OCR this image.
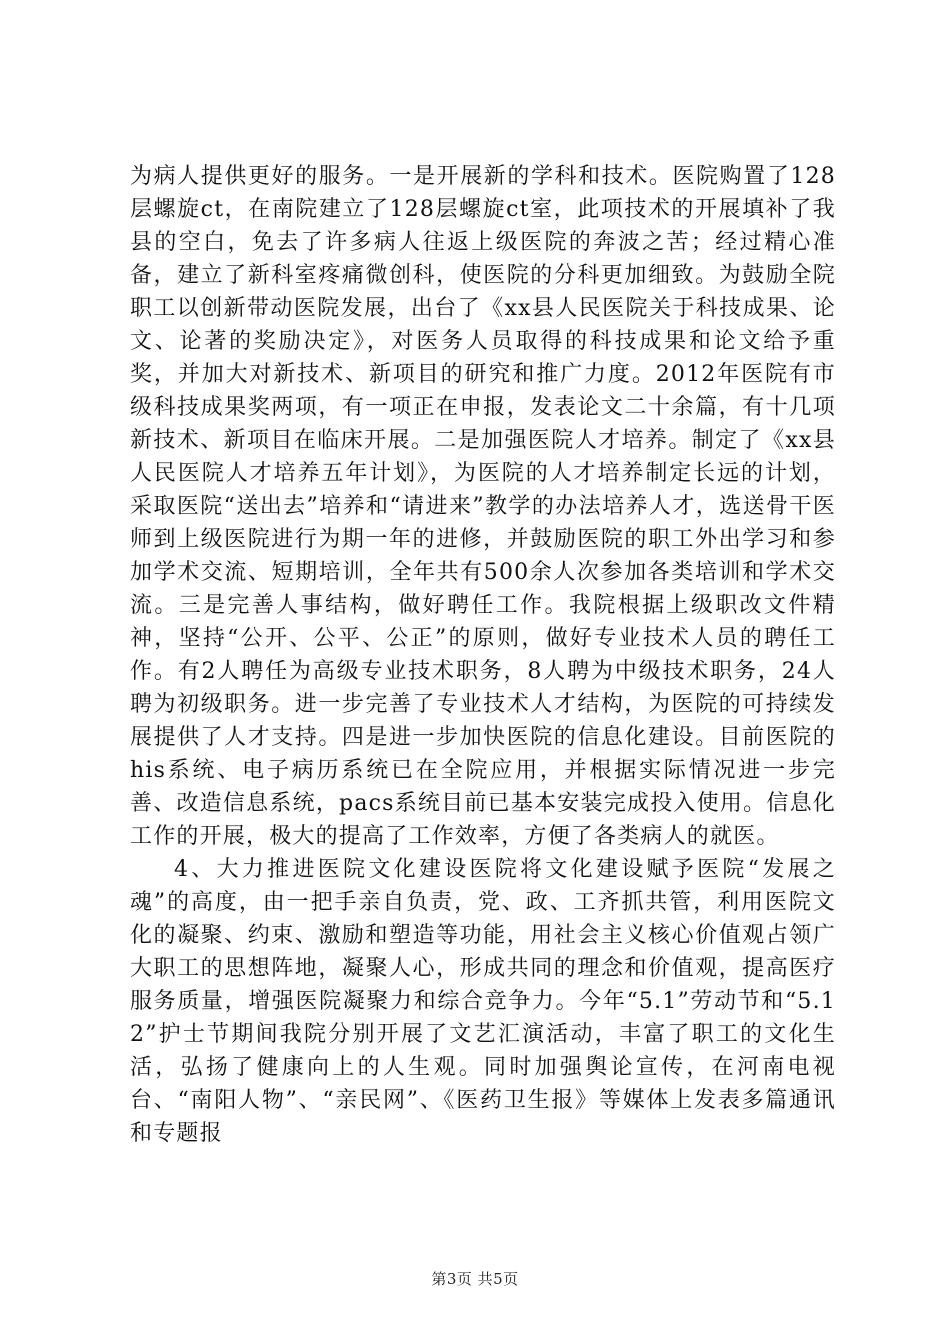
为病人提供更好的服务。一是开展新的学科和技术。医院购置了128层螺旋ct，在南院建立了128层螺旋ct室，此项技术的开展填补了我县的空白，免去了许多病人往返上级医院的奔波之苦；经过精心准备，建立了新科室疼痛微创科，使医院的分科更加细致。为鼓励全院职工以创新带动医院发展，出台了《xx县人民医院关于科技成果、论文、论著的奖励决定》，对医务人员取得的科技成果和论文给予重奖，并加大对新技术、新项目的研究和推广力度。2012年医院有市级科技成果奖两项，有一项正在申报，发表论文二十余篇，有十几项新技术、新项目在临床开展。二是加强医院人才培养。制定了《xx县人民医院人才培养五年计划》，为医院的人才培养制定长远的计划，采取医院“送出去”培养和“请进来”教学的办法培养人才，选送骨干医师到上级医院进行为期一年的进修，并鼓励医院的职工外出学习和参加学术交流、短期培训，全年共有500余人次参加各类培训和学术交流。三是完善人事结构，做好聘任工作。我院根据上级职改文件精神，坚持“公开、公平、公正”的原则，做好专业技术人员的聘任工作。有2人聘任为高级专业技术职务，8人聘为中级技术职务，24人聘为初级职务。进一步完善了专业技术人才结构，为医院的可持续发展提供了人才支持。四是进一步加快医院的信息化建设。目前医院的his系统、电子病历系统已在全院应用，并根据实际情况进一步完善、改造信息系统，pacs系统目前已基本安装完成投入使用。信息化工作的开展，极大的提高了工作效率，方便了各类病人的就医。

4、大力推进医院文化建设医院将文化建设赋予医院“发展之魂”的高度，由一把手亲自负责，党、政、工齐抓共管，利用医院文化的凝聚、约束、激励和塑造等功能，用社会主义核心价值观占领广大职工的思想阵地，凝聚人心，形成共同的理念和价值观，提高医疗服务质量，增强医院凝聚力和综合竞争力。今年“5.1”劳动节和“5.12”护士节期间我院分别开展了文艺汇演活动，丰富了职工的文化生活，弘扬了健康向上的人生观。同时加强舆论宣传，在河南电视台、“南阳人物”、“亲民网”、《医药卫生报》等媒体上发表多篇通讯和专题报

第3页 共5页
